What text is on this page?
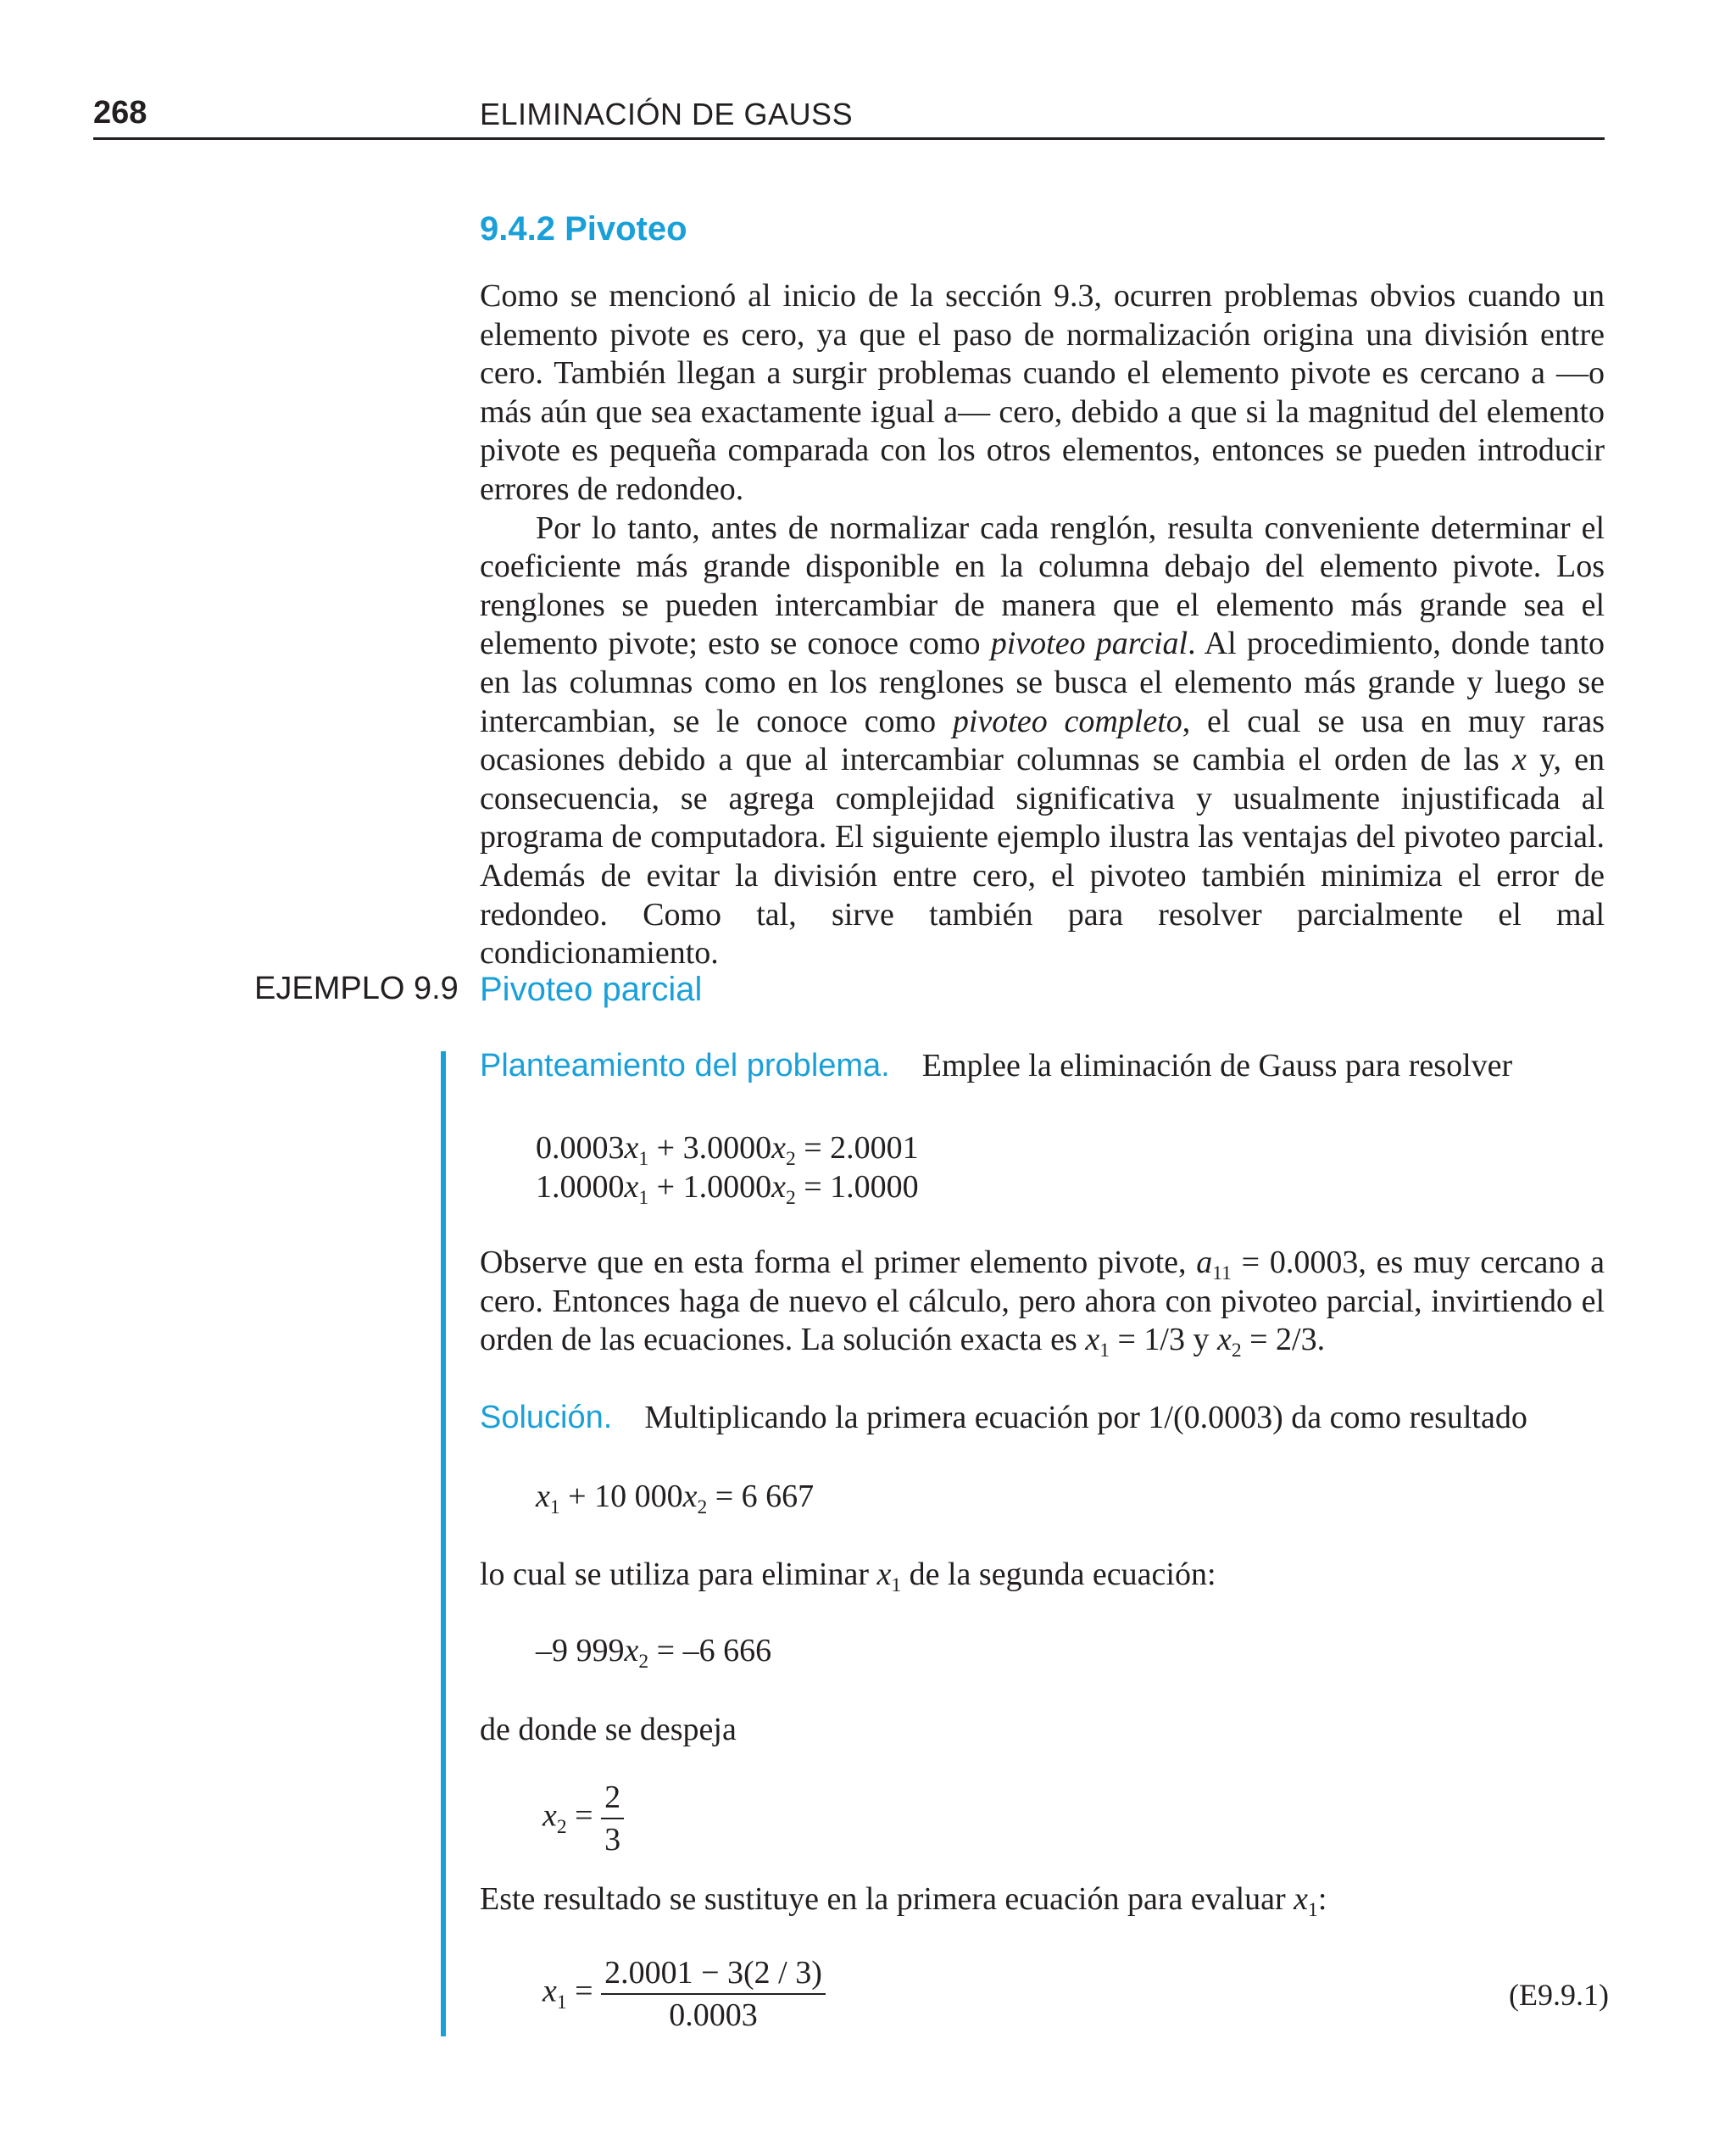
268	ELIMINACIÓN DE GAUSS
9.4.2 Pivoteo

Como se mencionó al inicio de la sección 9.3, ocurren problemas obvios cuando un elemento pivote es cero, ya que el paso de normalización origina una división entre cero. También llegan a surgir problemas cuando el elemento pivote es cercano a —o más aún que sea exactamente igual a— cero, debido a que si la magnitud del elemento pivote es pequeña comparada con los otros elementos, entonces se pueden introducir errores de redondeo.

Por lo tanto, antes de normalizar cada renglón, resulta conveniente determinar el coeficiente más grande disponible en la columna debajo del elemento pivote. Los renglones se pueden intercambiar de manera que el elemento más grande sea el elemento pivote; esto se conoce como pivoteo parcial. Al procedimiento, donde tanto en las columnas como en los renglones se busca el elemento más grande y luego se intercambian, se le conoce como pivoteo completo, el cual se usa en muy raras ocasiones debido a que al intercambiar columnas se cambia el orden de las x y, en consecuencia, se agrega complejidad significativa y usualmente injustificada al programa de computadora. El siguiente ejemplo ilustra las ventajas del pivoteo parcial. Además de evitar la división entre cero, el pivoteo también minimiza el error de redondeo. Como tal, sirve también para resolver parcialmente el mal condicionamiento.

EJEMPLO 9.9 Pivoteo parcial
Planteamiento del problema. Emplee la eliminación de Gauss para resolver
$0.0003x_1 + 3.0000x_2 = 2.0001$
$1.0000x_1 + 1.0000x_2 = 1.0000$

Observe que en esta forma el primer elemento pivote, $a_{11} = 0.0003$, es muy cercano a cero. Entonces haga de nuevo el cálculo, pero ahora con pivoteo parcial, invirtiendo el orden de las ecuaciones. La solución exacta es $x_1 = 1/3$ y $x_2 = 2/3$.

Solución. Multiplicando la primera ecuación por 1/(0.0003) da como resultado
$x_1 + 10$ $000x_2 = 6$ 667
lo cual se utiliza para eliminar $x_1$ de la segunda ecuación:
–9 $999x_2 = -6$ 666
de donde se despeja
$x_2 = \frac{2}{3}$
Este resultado se sustituye en la primera ecuación para evaluar $x_1$:
$x_1 = \frac{2.0001 - 3(2 / 3)}{0.0003}$	(E9.9.1)
